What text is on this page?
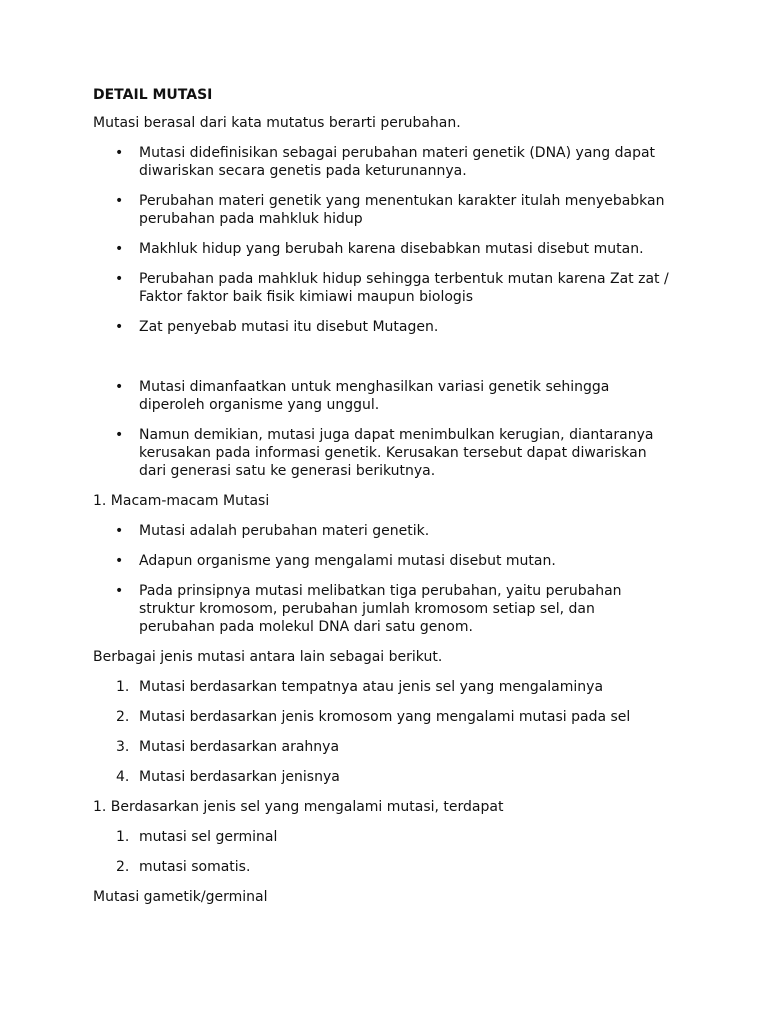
DETAIL MUTASI

Mutasi berasal dari kata mutatus berarti perubahan.

• Mutasi didefinisikan sebagai perubahan materi genetik (DNA) yang dapat diwariskan secara genetis pada keturunannya.
• Perubahan materi genetik yang menentukan karakter itulah menyebabkan perubahan pada mahkluk hidup
• Makhluk hidup yang berubah karena disebabkan mutasi disebut mutan.
• Perubahan pada mahkluk hidup sehingga terbentuk mutan karena Zat zat / Faktor faktor baik fisik kimiawi maupun biologis
• Zat penyebab mutasi itu disebut Mutagen.
• Mutasi dimanfaatkan untuk menghasilkan variasi genetik sehingga diperoleh organisme yang unggul.
• Namun demikian, mutasi juga dapat menimbulkan kerugian, diantaranya kerusakan pada informasi genetik. Kerusakan tersebut dapat diwariskan dari generasi satu ke generasi berikutnya.

1. Macam-macam Mutasi

• Mutasi adalah perubahan materi genetik.
• Adapun organisme yang mengalami mutasi disebut mutan.
• Pada prinsipnya mutasi melibatkan tiga perubahan, yaitu perubahan struktur kromosom, perubahan jumlah kromosom setiap sel, dan perubahan pada molekul DNA dari satu genom.

Berbagai jenis mutasi antara lain sebagai berikut.

1. Mutasi berdasarkan tempatnya atau jenis sel yang mengalaminya
2. Mutasi berdasarkan jenis kromosom yang mengalami mutasi pada sel
3. Mutasi berdasarkan arahnya
4. Mutasi berdasarkan jenisnya

1. Berdasarkan jenis sel yang mengalami mutasi, terdapat

1. mutasi sel germinal
2. mutasi somatis.

Mutasi gametik/germinal
